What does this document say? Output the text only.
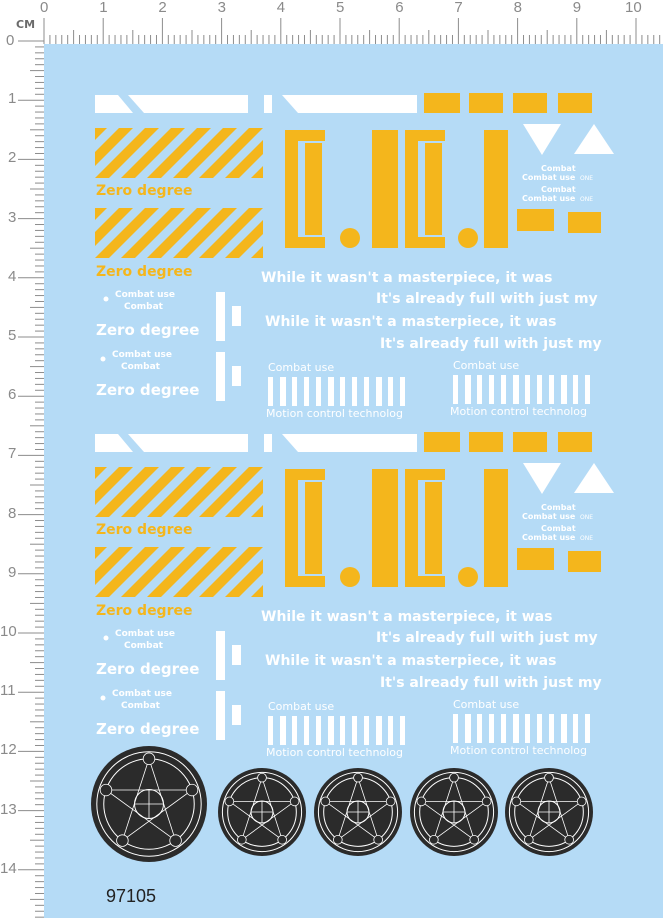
CM
0	1	2	3	4	5	6	7	8	9	10
1
2
3
4
5
6
7
8
9
10
11
12
13
14
0
Zero degree
Zero degree
Combat use
Combat
Zero degree
Combat use
Combat
Zero degree
Combat
Combat use ONE
Combat
Combat use ONE
While it wasn't a masterpiece, it was
It's already full with just my
While it wasn't a masterpiece, it was
It's already full with just my
Combat use
Motion control technolog
Combat use
Motion control technolog
Zero degree
Zero degree
Combat use
Combat
Zero degree
Combat use
Combat
Zero degree
Combat
Combat use ONE
Combat
Combat use ONE
While it wasn't a masterpiece, it was
It's already full with just my
While it wasn't a masterpiece, it was
It's already full with just my
Combat use
Motion control technolog
Combat use
Motion control technolog
97105
